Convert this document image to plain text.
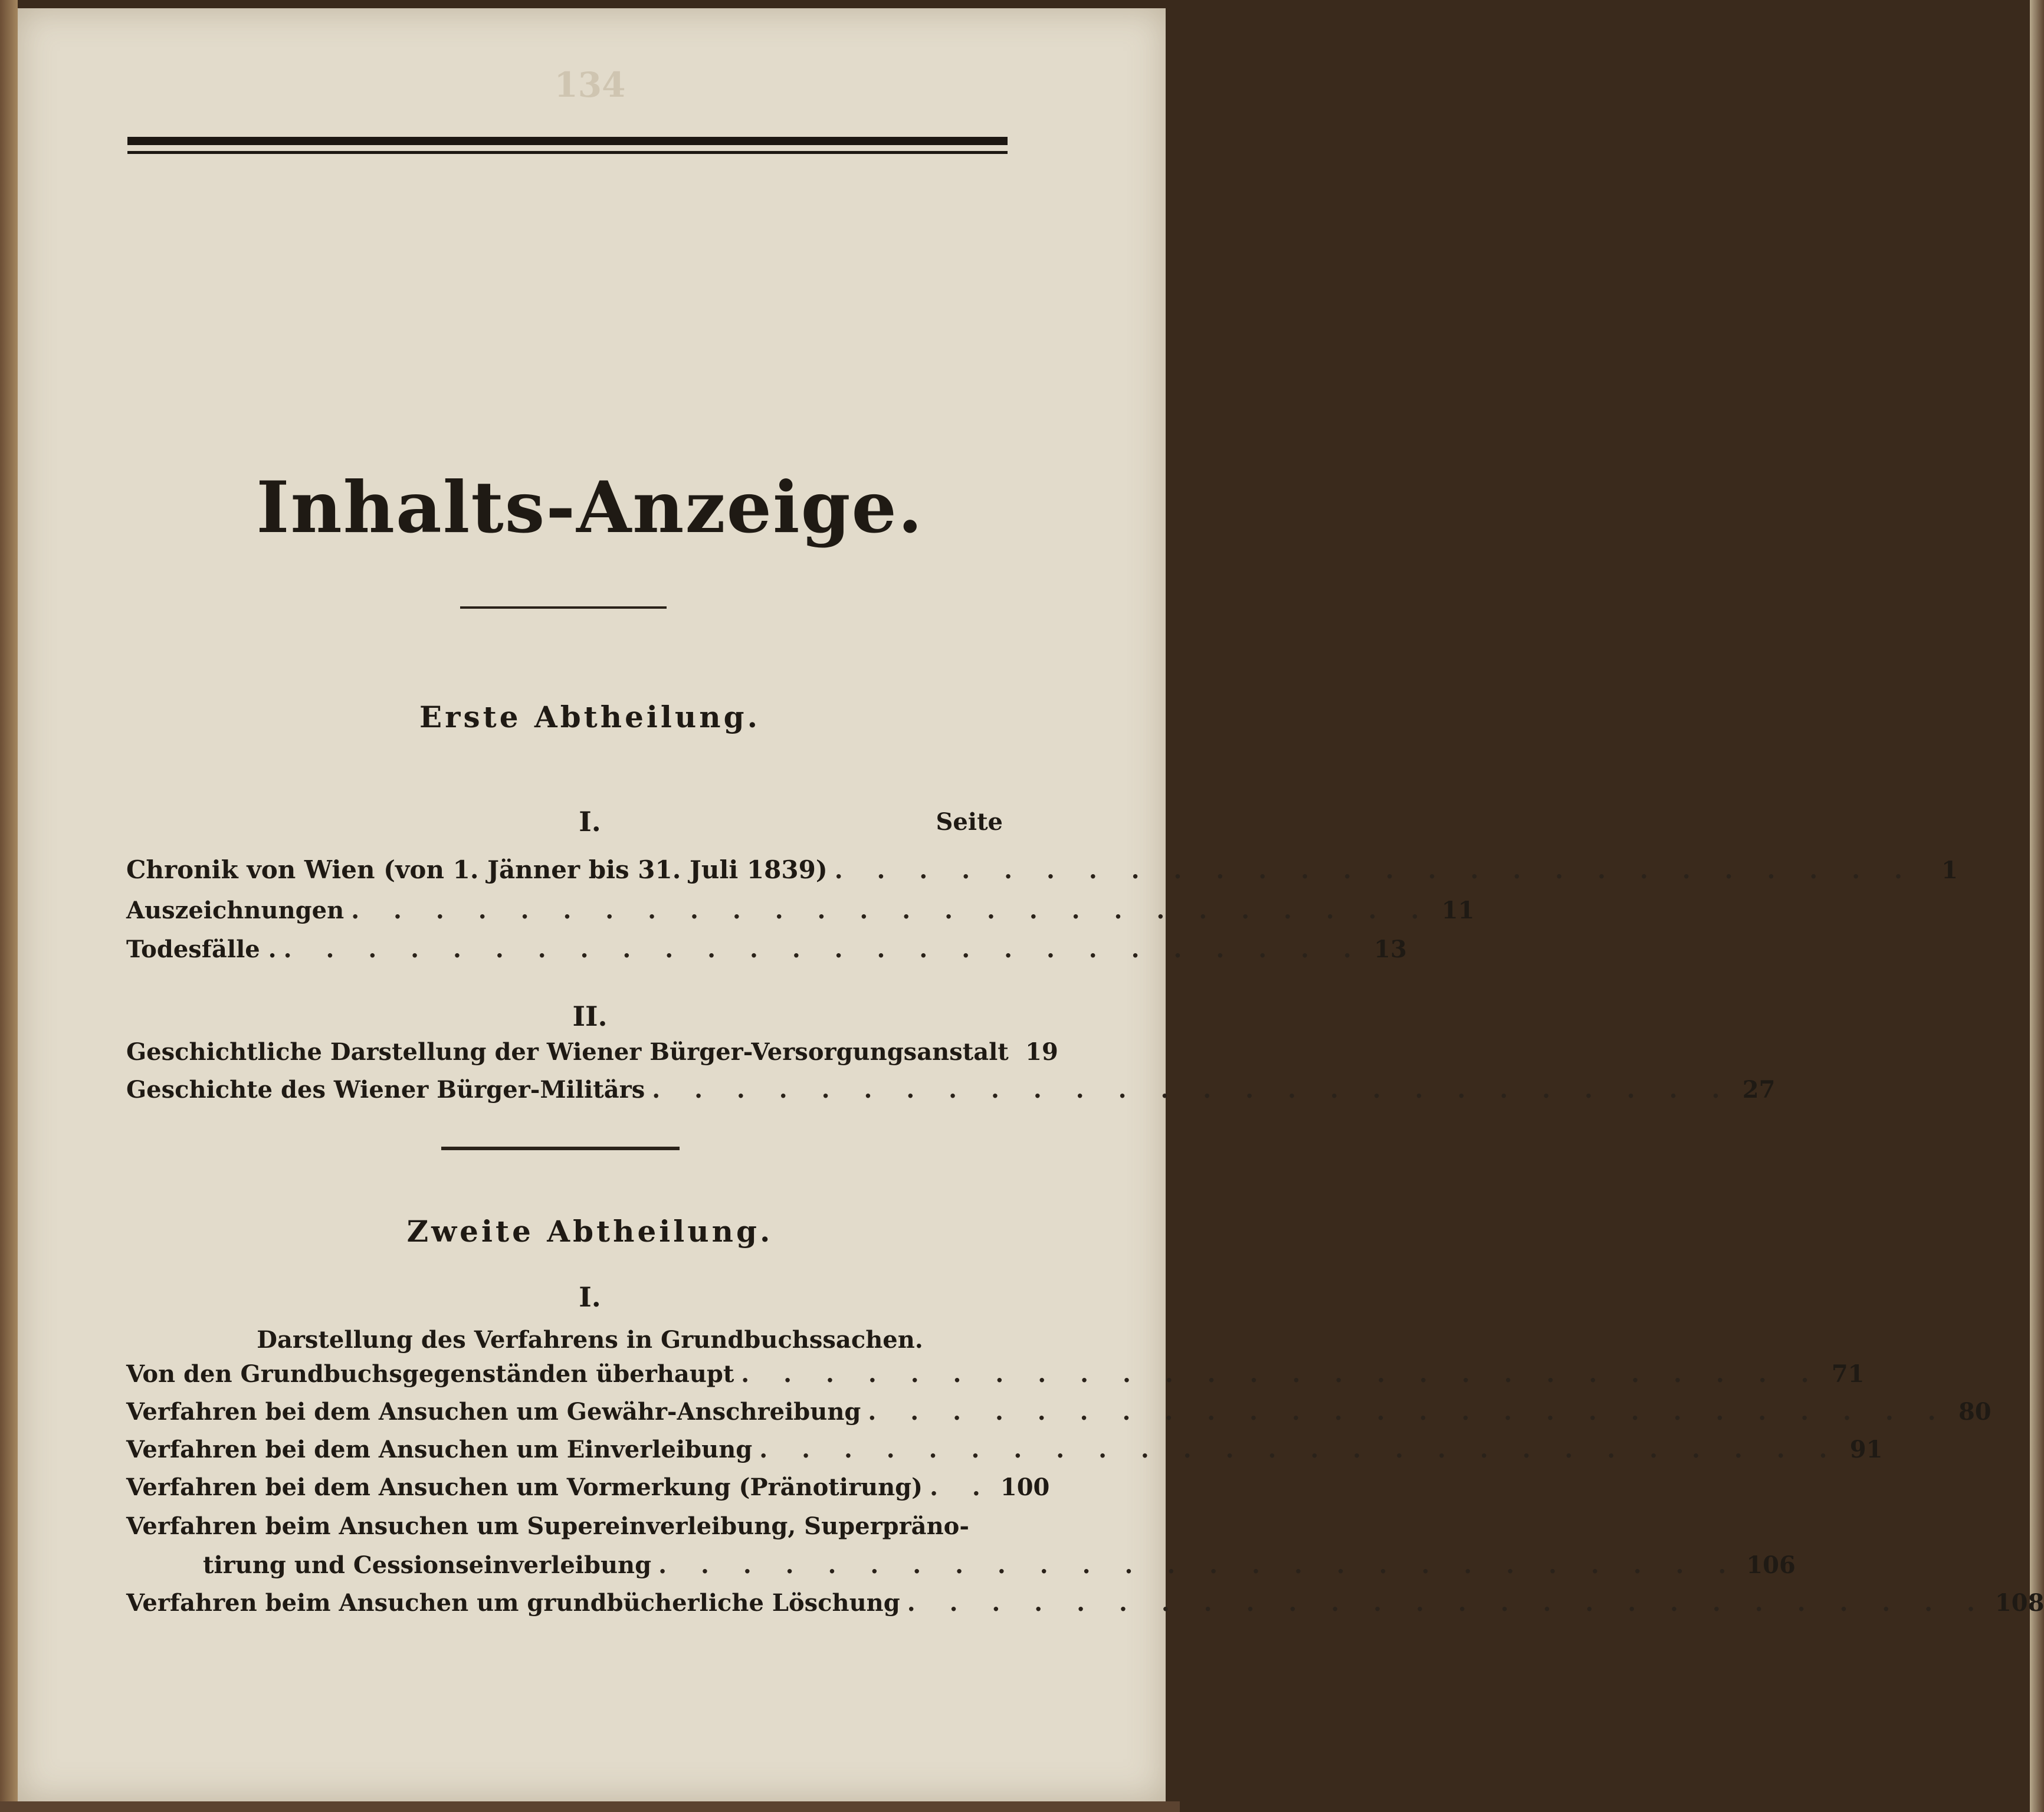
134
Inhalts-Anzeige.
Erste Abtheilung.
I.	Seite
Chronik von Wien (von 1. Jänner bis 31. Juli 1839) . . . . . . . . . . . . . . . . . . . . . . . . . .	1
Auszeichnungen . . . . . . . . . . . . . . . . . . . . . . . . . . 11
Todesfälle . . . . . . . . . . . . . . . . . . . . . . . . . . . 13
II.
Geschichtliche Darstellung der Wiener Bürger-Versorgungsanstalt 19
Geschichte des Wiener Bürger-Militärs . . . . . . . . . . . . . . . . . . . . . . . . . . 27
Zweite Abtheilung.
I.
Darstellung des Verfahrens in Grundbuchssachen.
Von den Grundbuchsgegenständen überhaupt . . . . . . . . . . . . . . . . . . . . . . . . . . 71
Verfahren bei dem Ansuchen um Gewähr-Anschreibung . . . . . . . . . . . . . . . . . . . . . . . . . . 80
Verfahren bei dem Ansuchen um Einverleibung . . . . . . . . . . . . . . . . . . . . . . . . . . 91
Verfahren bei dem Ansuchen um Vormerkung (Pränotirung) . . 100
Verfahren beim Ansuchen um Supereinverleibung, Superpräno-
tirung und Cessionseinverleibung . . . . . . . . . . . . . . . . . . . . . . . . . . 106
Verfahren beim Ansuchen um grundbücherliche Löschung . . . . . . . . . . . . . . . . . . . . . . . . . . 108
